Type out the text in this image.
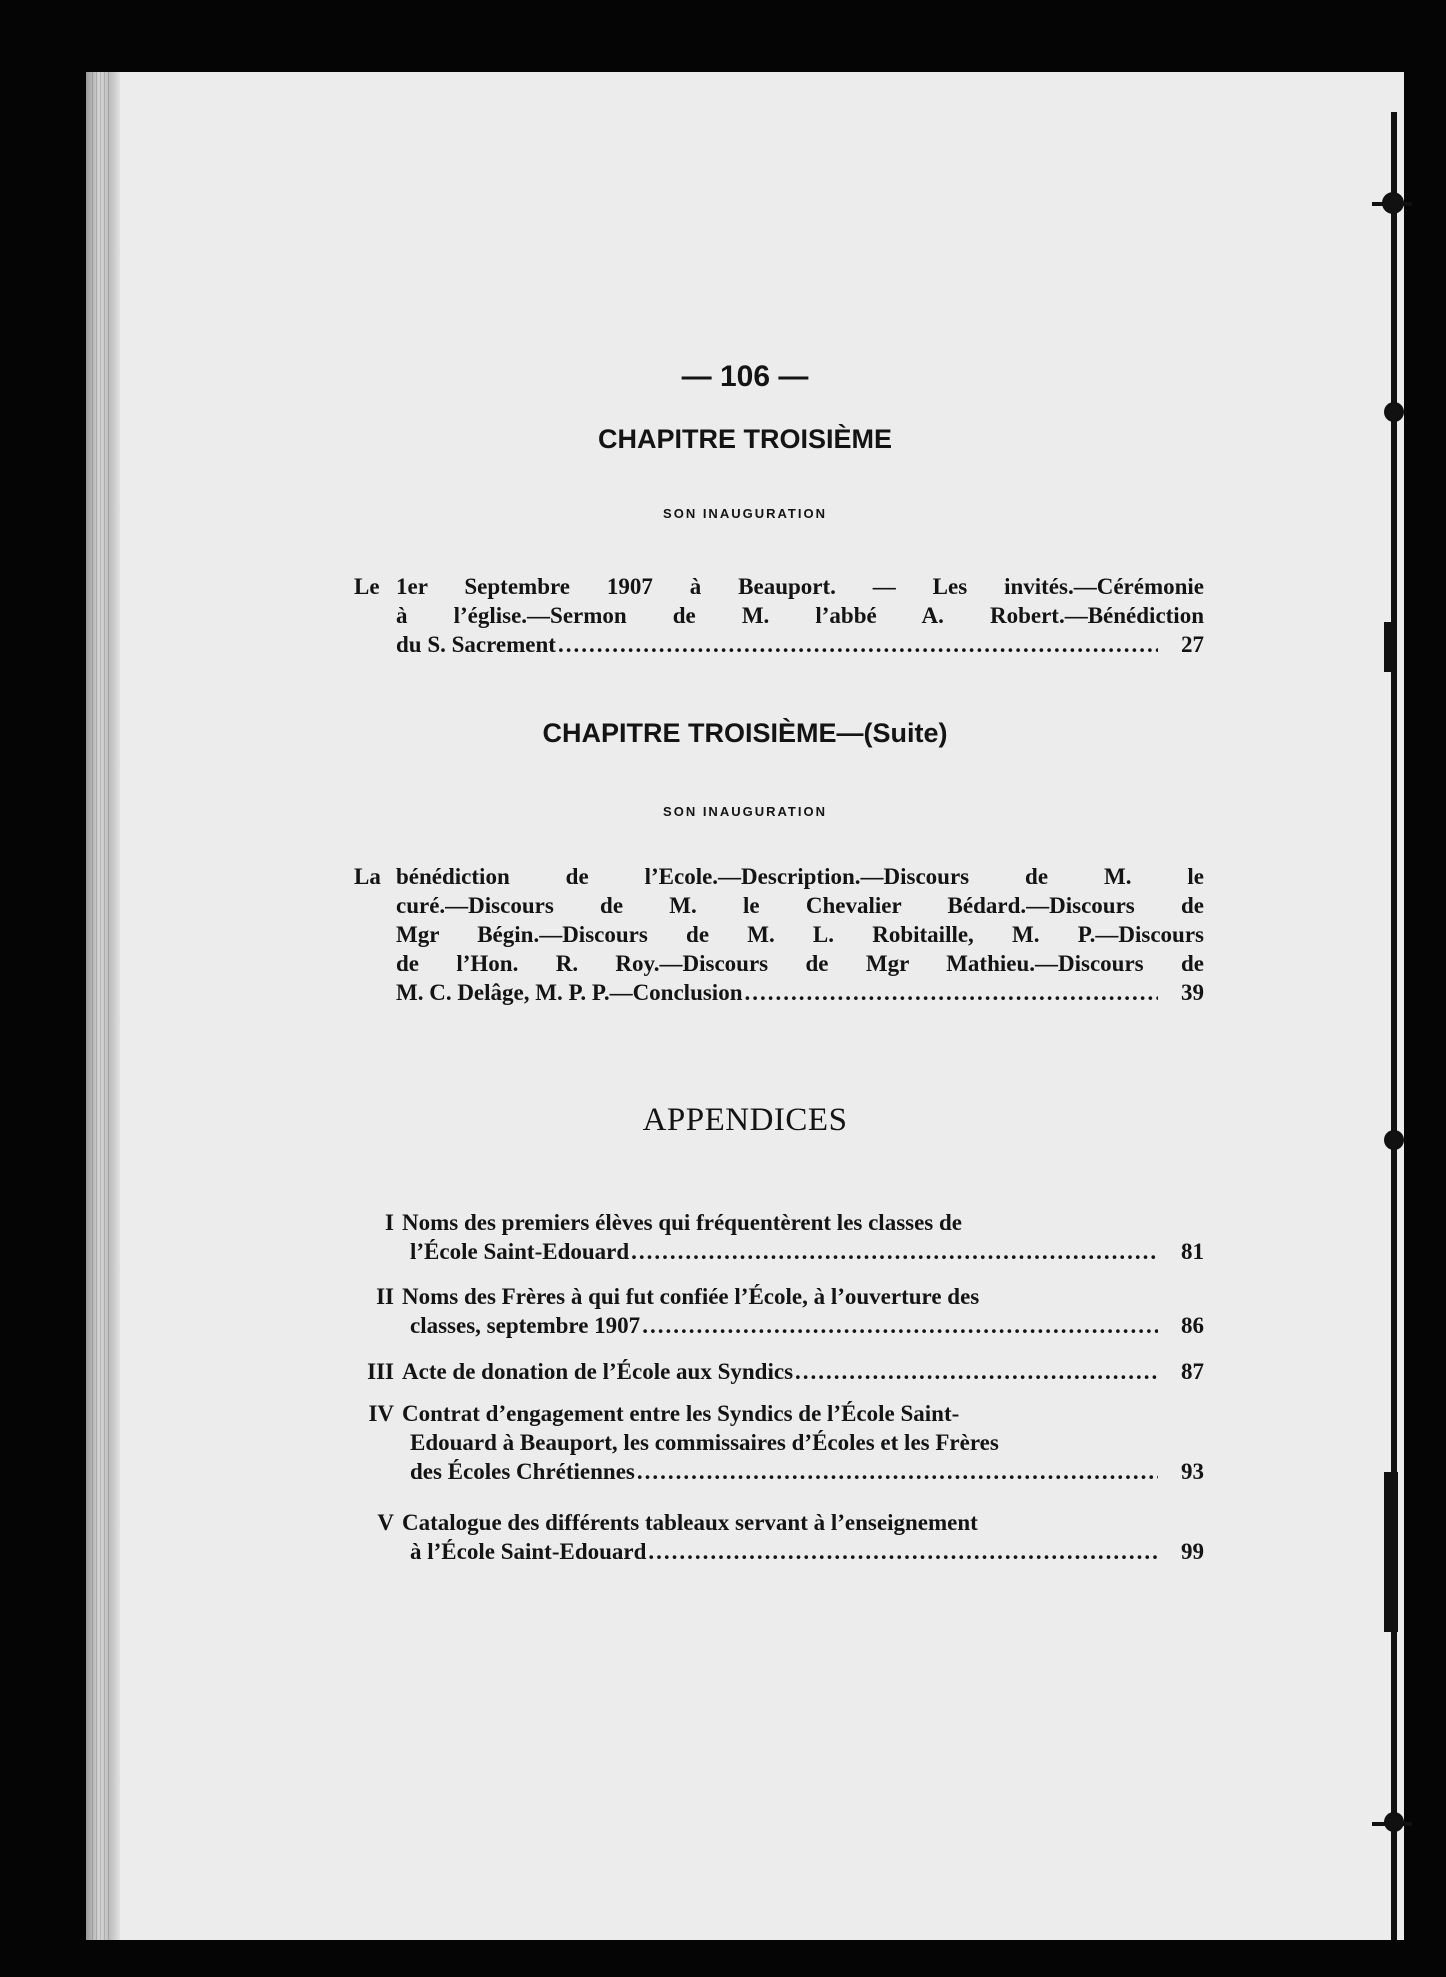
— 106 —
CHAPITRE TROISIÈME
SON INAUGURATION
Le 1er Septembre 1907 à Beauport. — Les invités.—Cérémonie
à l’église.—Sermon de M. l’abbé A. Robert.—Bénédiction
du S. Sacrement .....	27
CHAPITRE TROISIÈME—(Suite)
SON INAUGURATION
La bénédiction de l’Ecole.—Description.—Discours de M. le
curé.—Discours de M. le Chevalier Bédard.—Discours de
Mgr Bégin.—Discours de M. L. Robitaille, M. P.—Discours
de l’Hon. R. Roy.—Discours de Mgr Mathieu.—Discours de
M. C. Delâge, M. P. P.—Conclusion .....	39
APPENDICES
I Noms des premiers élèves qui fréquentèrent les classes de
l’École Saint-Edouard .....	81
II Noms des Frères à qui fut confiée l’École, à l’ouverture des
classes, septembre 1907 .....	86
III Acte de donation de l’École aux Syndics .....	87
IV Contrat d’engagement entre les Syndics de l’École Saint-
Edouard à Beauport, les commissaires d’Écoles et les Frères
des Écoles Chrétiennes .....	93
V Catalogue des différents tableaux servant à l’enseignement
à l’École Saint-Edouard .....	99
